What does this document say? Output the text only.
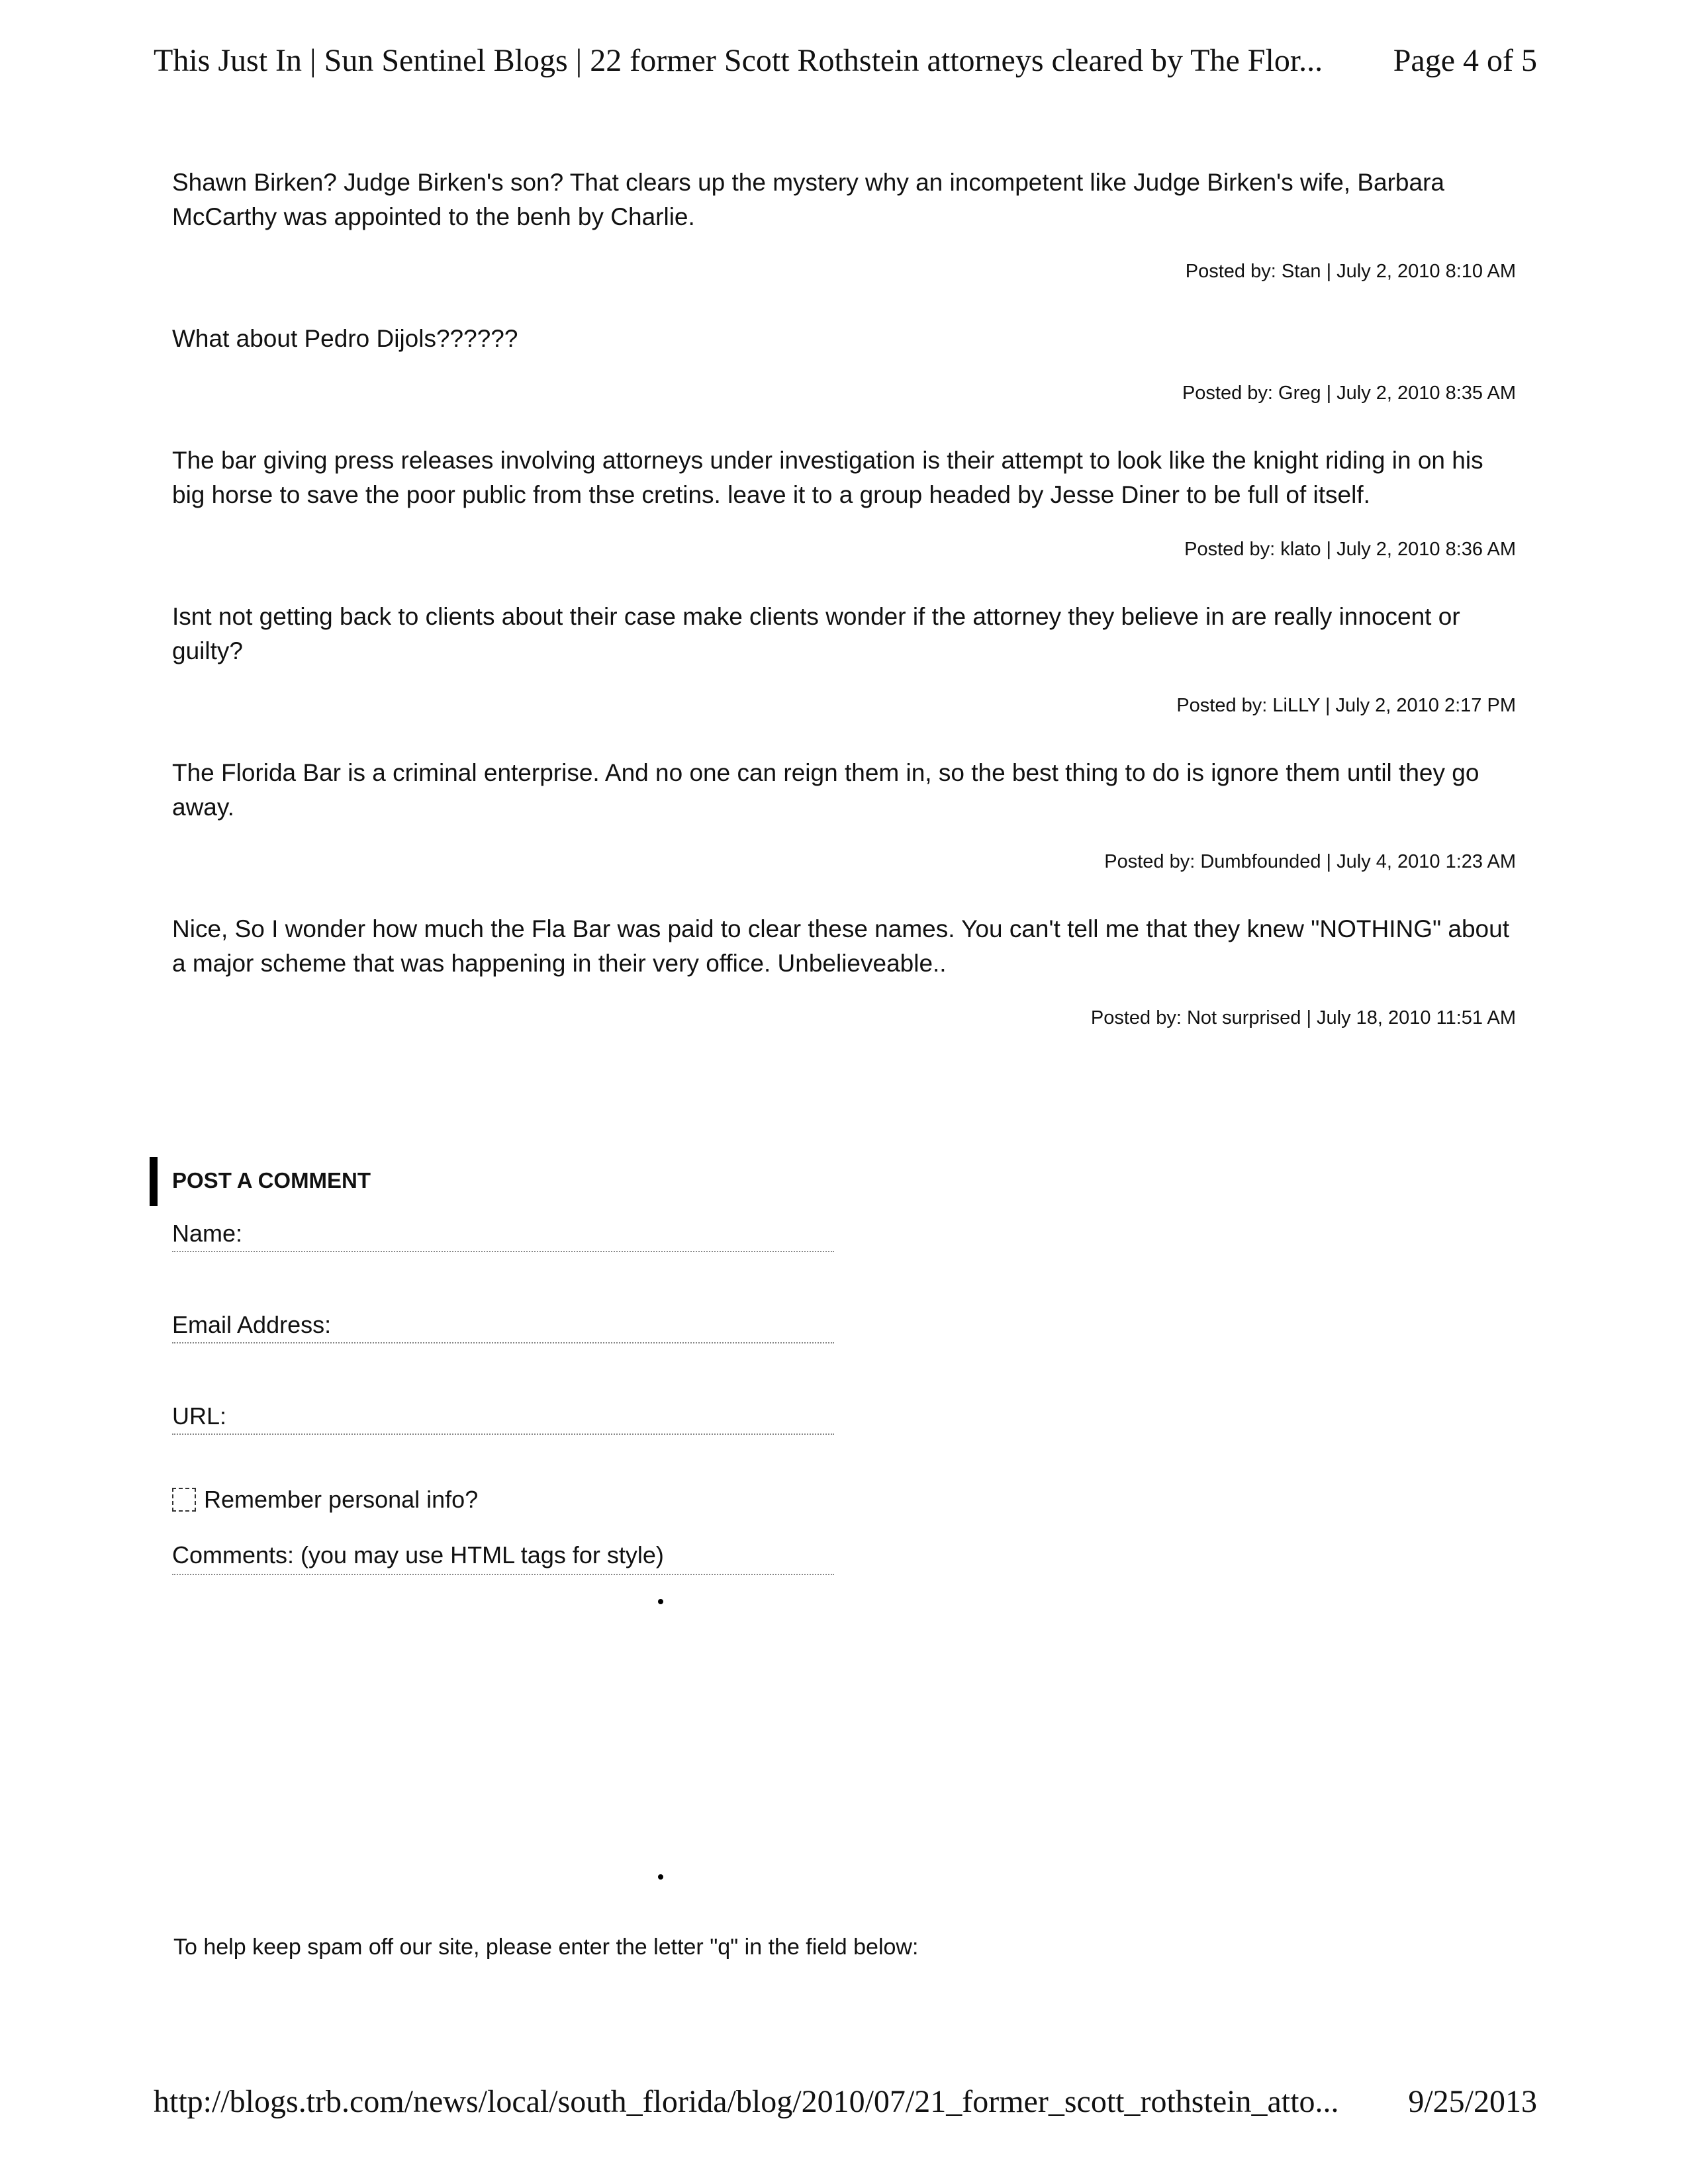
This Just In | Sun Sentinel Blogs | 22 former Scott Rothstein attorneys cleared by The Flor... Page 4 of 5

Shawn Birken? Judge Birken's son? That clears up the mystery why an incompetent like Judge Birken's wife, Barbara McCarthy was appointed to the benh by Charlie.

Posted by: Stan | July 2, 2010 8:10 AM

What about Pedro Dijols??????

Posted by: Greg | July 2, 2010 8:35 AM

The bar giving press releases involving attorneys under investigation is their attempt to look like the knight riding in on his big horse to save the poor public from thse cretins. leave it to a group headed by Jesse Diner to be full of itself.

Posted by: klato | July 2, 2010 8:36 AM

Isnt not getting back to clients about their case make clients wonder if the attorney they believe in are really innocent or guilty?

Posted by: LiLLY | July 2, 2010 2:17 PM

The Florida Bar is a criminal enterprise. And no one can reign them in, so the best thing to do is ignore them until they go away.

Posted by: Dumbfounded | July 4, 2010 1:23 AM

Nice, So I wonder how much the Fla Bar was paid to clear these names. You can't tell me that they knew "NOTHING" about a major scheme that was happening in their very office. Unbelieveable..

Posted by: Not surprised | July 18, 2010 11:51 AM
POST A COMMENT
Name:
Email Address:
URL:
Remember personal info?
Comments: (you may use HTML tags for style)
To help keep spam off our site, please enter the letter "q" in the field below:
http://blogs.trb.com/news/local/south_florida/blog/2010/07/21_former_scott_rothstein_atto... 9/25/2013
